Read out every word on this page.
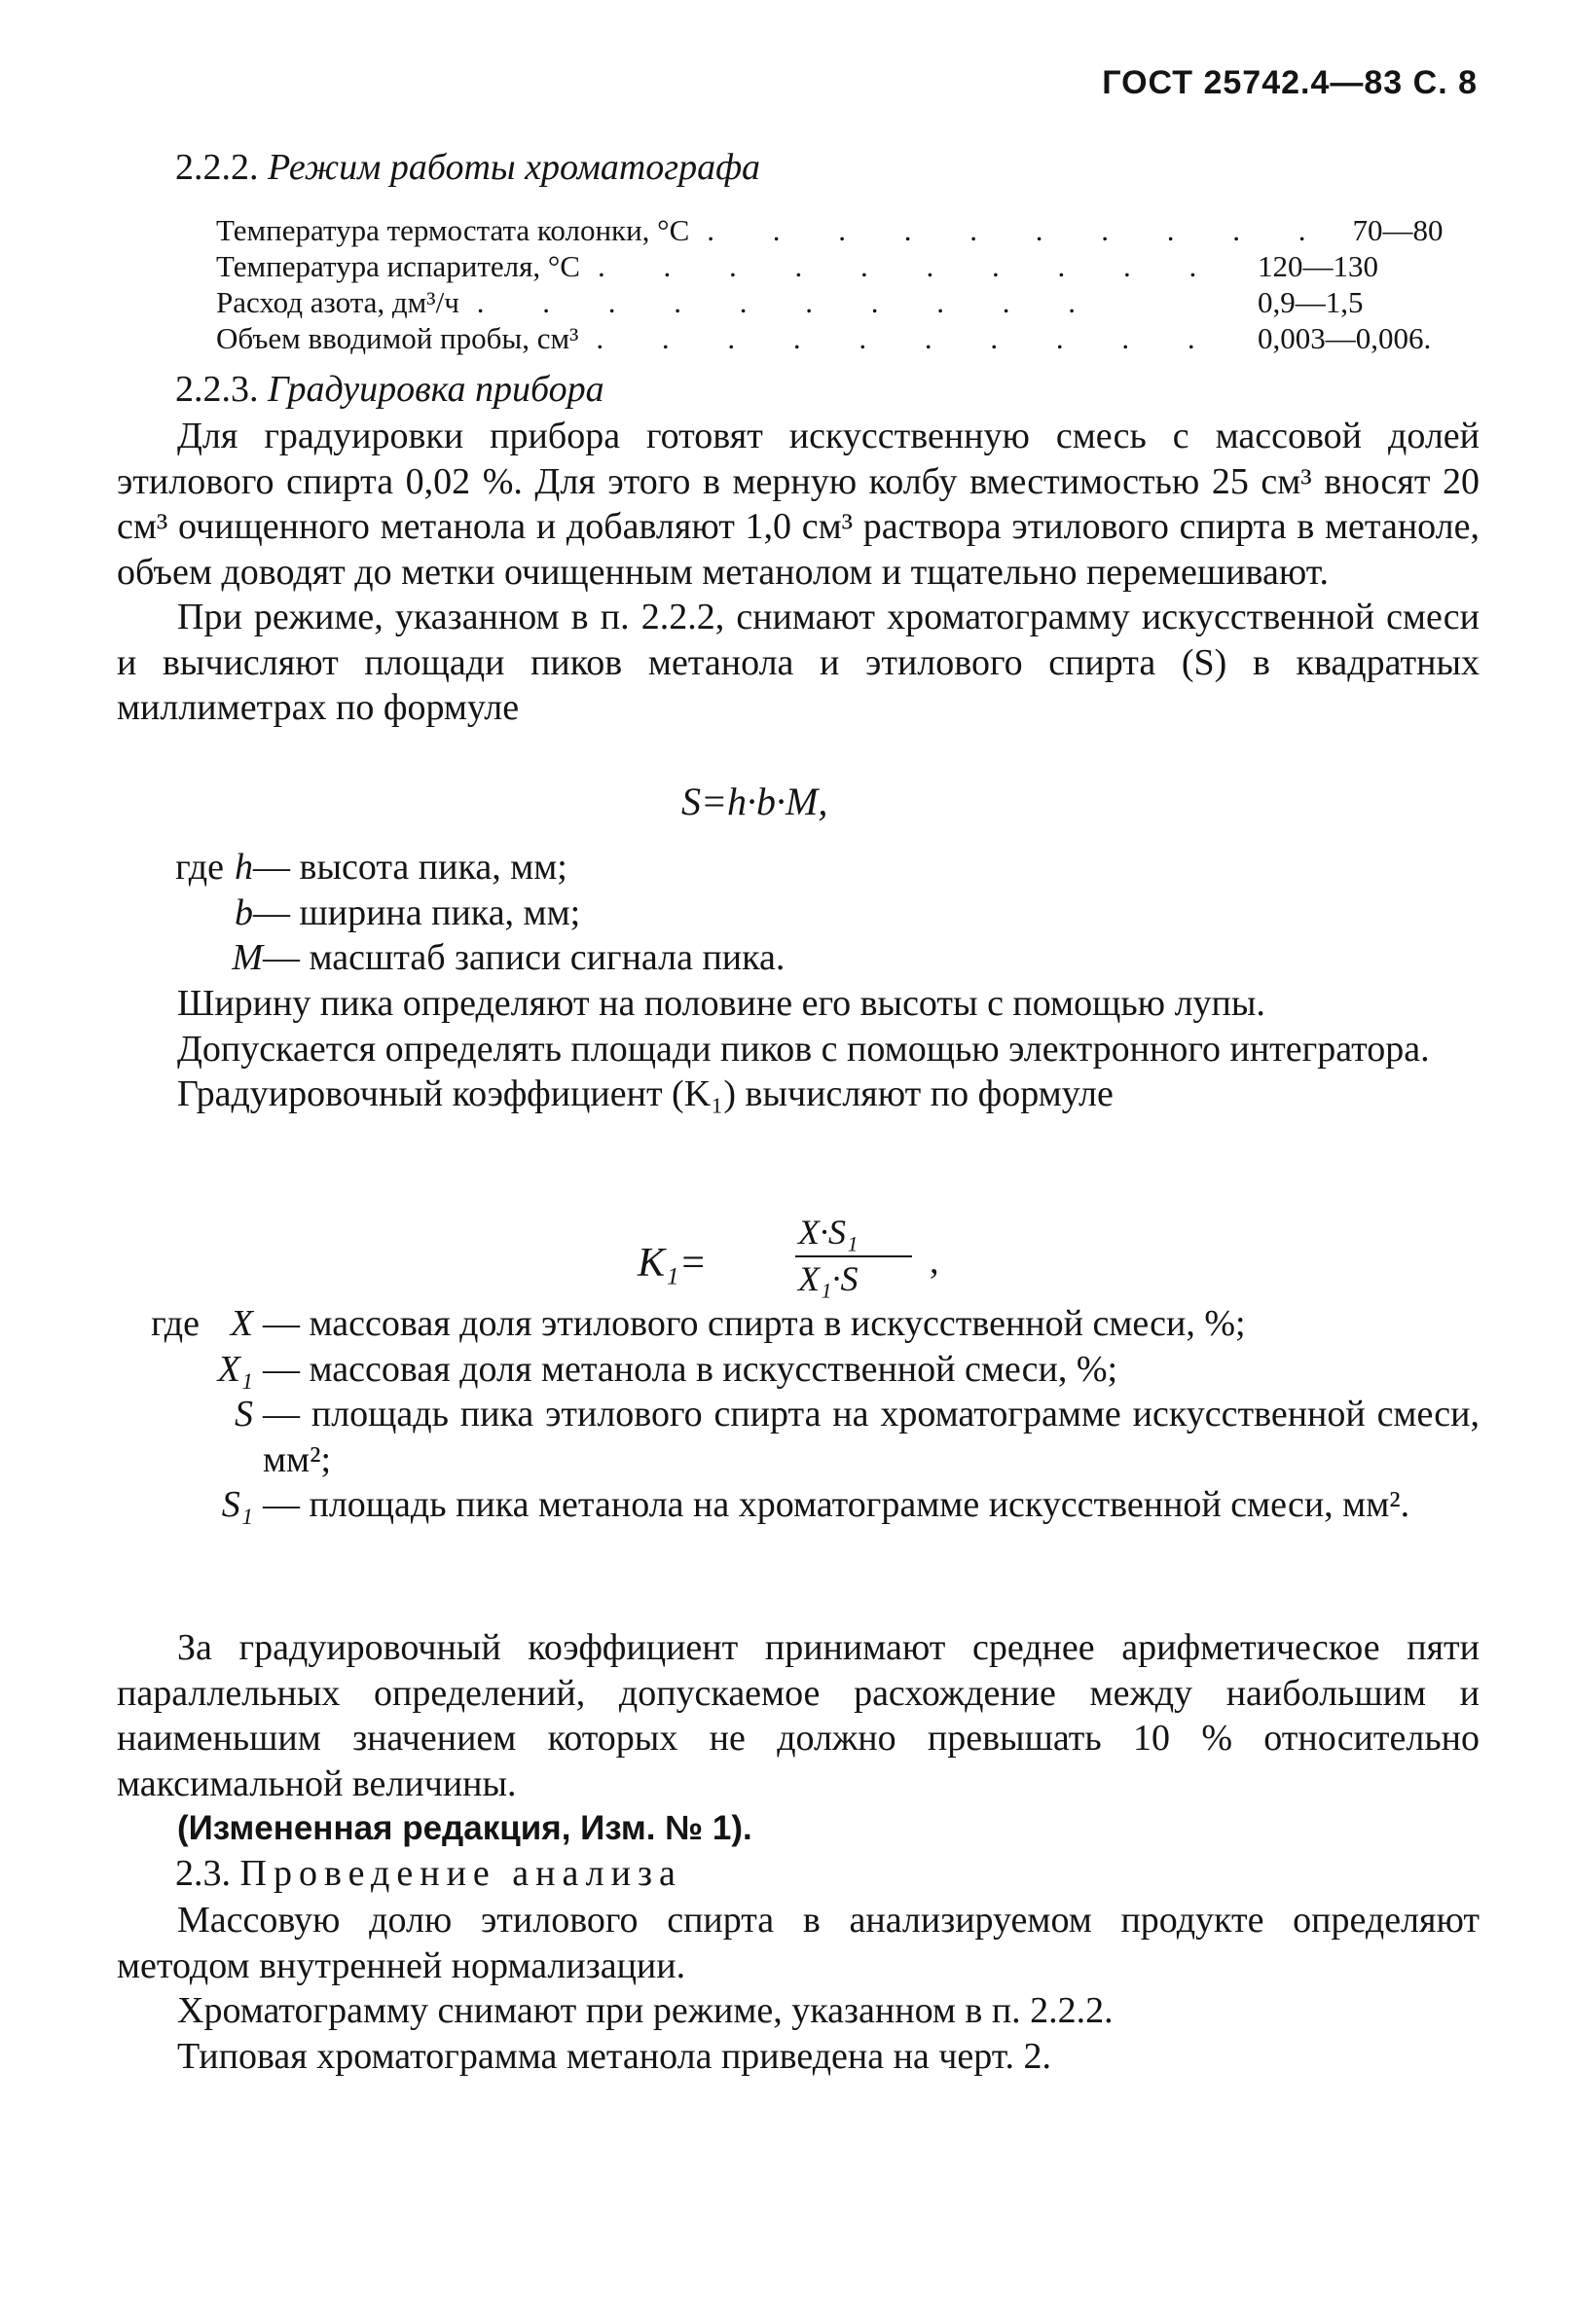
ГОСТ 25742.4—83 С. 8
2.2.2. Режим работы хроматографа
Температура термостата колонки, °С . . . . . . . . . . 70—80
Температура испарителя, °С . . . . . . . . . .	120—130
Расход азота, дм³/ч . . . . . . . . . .	0,9—1,5
Объем вводимой пробы, см³ . . . . . . . . . .	0,003—0,006.
2.2.3. Градуировка прибора

Для градуировки прибора готовят искусственную смесь с массовой долей этилового спирта 0,02 %. Для этого в мерную колбу вместимостью 25 см³ вносят 20 см³ очищенного метанола и добавляют 1,0 см³ раствора этилового спирта в метаноле, объем доводят до метки очищенным метанолом и тщательно перемешивают.

При режиме, указанном в п. 2.2.2, снимают хроматограмму искусственной смеси и вычисляют площади пиков метанола и этилового спирта (S) в квадратных миллиметрах по формуле

S=h·b·M,
где h — высота пика, мм;
b — ширина пика, мм;
M — масштаб записи сигнала пика.

Ширину пика определяют на половине его высоты с помощью лупы.

Допускается определять площади пиков с помощью электронного интегратора.

Градуировочный коэффициент (K₁) вычисляют по формуле

K₁=
X·S₁
X₁·S ,
где X — массовая доля этилового спирта в искусственной смеси, %;
X₁ — массовая доля метанола в искусственной смеси, %;
S — площадь пика этилового спирта на хроматограмме искусственной смеси, мм²;
S₁ — площадь пика метанола на хроматограмме искусственной смеси, мм².

За градуировочный коэффициент принимают среднее арифметическое пяти параллельных определений, допускаемое расхождение между наибольшим и наименьшим значением которых не должно превышать 10 % относительно максимальной величины.

(Измененная редакция, Изм. № 1).

2.3. Проведение анализа

Массовую долю этилового спирта в анализируемом продукте определяют методом внутренней нормализации.

Хроматограмму снимают при режиме, указанном в п. 2.2.2.

Типовая хроматограмма метанола приведена на черт. 2.
